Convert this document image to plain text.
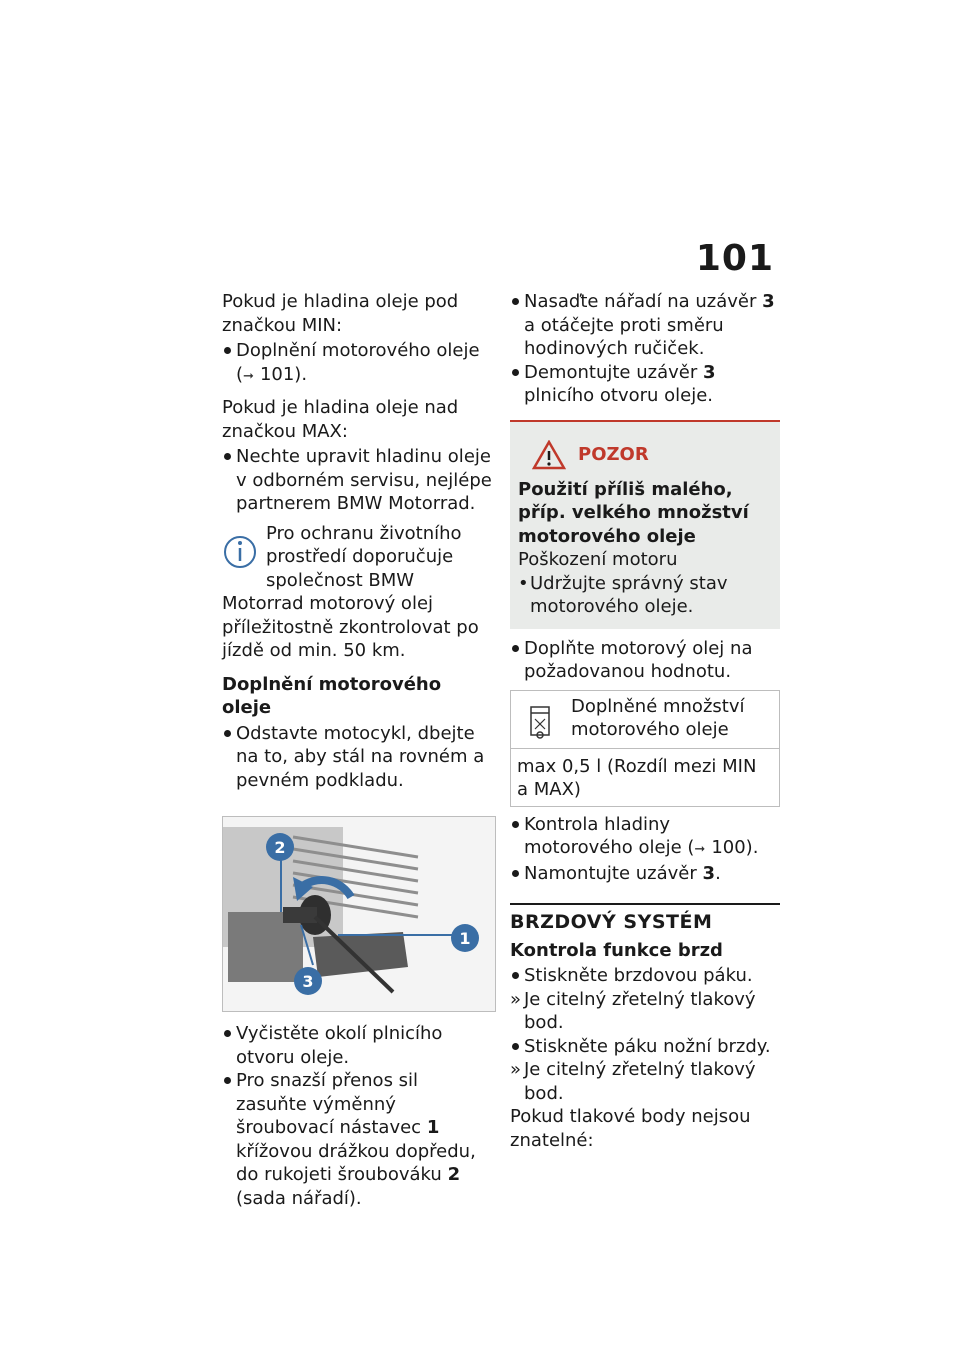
101

Pokud je hladina oleje pod značkou MIN:

Doplnění motorového oleje
( ➞ 101).

Pokud je hladina oleje nad značkou MAX:

Nechte upravit hladinu oleje v odborném servisu, nejlépe partnerem BMW Motorrad.
Pro ochranu životního prostředí doporučuje společnost BMW Motorrad motorový olej příležitostně zkontrolovat po jízdě od min. 50 km.
Doplnění motorového oleje
Odstavte motocykl, dbejte na to, aby stál na rovném a pevném podkladu.
1
2
3
Vyčistěte okolí plnicího otvoru oleje.
Pro snazší přenos sil zasuňte výměnný šroubovací nástavec 1 křížovou drážkou dopředu, do rukojeti šroubováku 2 (sada nářadí).
Nasaďte nářadí na uzávěr 3 a otáčejte proti směru hodinových ručiček.
Demontujte uzávěr 3 plnicího otvoru oleje.
POZOR
Použití příliš malého, příp. velkého množství motorového oleje
Poškození motoru
• Udržujte správný stav motorového oleje.
Doplňte motorový olej na požadovanou hodnotu.
Doplněné množství motorového oleje
max 0,5 l (Rozdíl mezi MIN a MAX)
Kontrola hladiny motorového oleje ( ➞ 100).
Namontujte uzávěr 3.
BRZDOVÝ SYSTÉM
Kontrola funkce brzd
Stiskněte brzdovou páku.
» Je citelný zřetelný tlakový bod.
Stiskněte páku nožní brzdy.
» Je citelný zřetelný tlakový bod.

Pokud tlakové body nejsou znatelné:
